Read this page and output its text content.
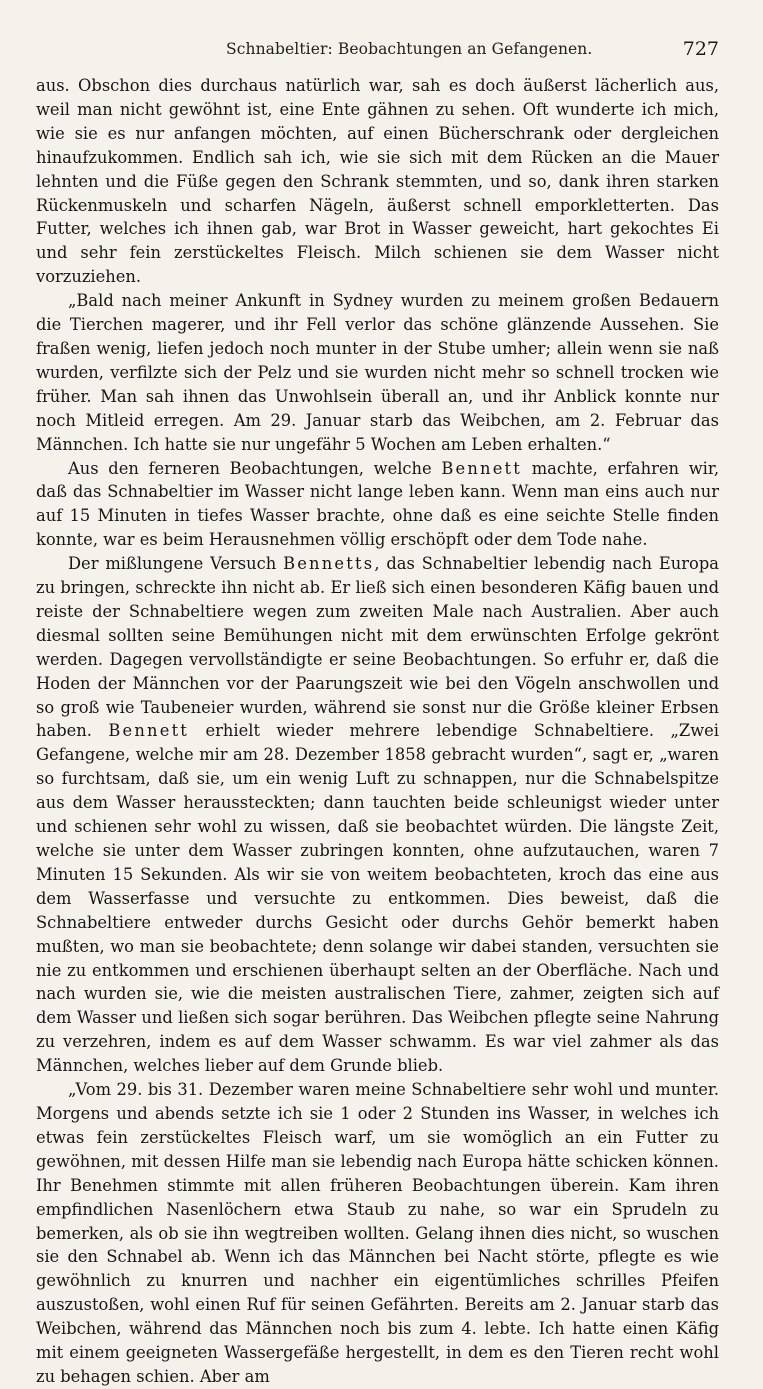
Schnabeltier: Beobachtungen an Gefangenen.	727

aus. Obschon dies durchaus natürlich war, sah es doch äußerst lächerlich aus, weil man nicht gewöhnt ist, eine Ente gähnen zu sehen. Oft wunderte ich mich, wie sie es nur anfangen möchten, auf einen Bücherschrank oder dergleichen hinaufzukommen. Endlich sah ich, wie sie sich mit dem Rücken an die Mauer lehnten und die Füße gegen den Schrank stemmten, und so, dank ihren starken Rückenmuskeln und scharfen Nägeln, äußerst schnell emporkletterten. Das Futter, welches ich ihnen gab, war Brot in Wasser geweicht, hart gekochtes Ei und sehr fein zerstückeltes Fleisch. Milch schienen sie dem Wasser nicht vorzuziehen.

„Bald nach meiner Ankunft in Sydney wurden zu meinem großen Bedauern die Tierchen magerer, und ihr Fell verlor das schöne glänzende Aussehen. Sie fraßen wenig, liefen jedoch noch munter in der Stube umher; allein wenn sie naß wurden, verfilzte sich der Pelz und sie wurden nicht mehr so schnell trocken wie früher. Man sah ihnen das Unwohlsein überall an, und ihr Anblick konnte nur noch Mitleid erregen. Am 29. Januar starb das Weibchen, am 2. Februar das Männchen. Ich hatte sie nur ungefähr 5 Wochen am Leben erhalten.“

Aus den ferneren Beobachtungen, welche Bennett machte, erfahren wir, daß das Schnabeltier im Wasser nicht lange leben kann. Wenn man eins auch nur auf 15 Minuten in tiefes Wasser brachte, ohne daß es eine seichte Stelle finden konnte, war es beim Herausnehmen völlig erschöpft oder dem Tode nahe.

Der mißlungene Versuch Bennetts, das Schnabeltier lebendig nach Europa zu bringen, schreckte ihn nicht ab. Er ließ sich einen besonderen Käfig bauen und reiste der Schnabeltiere wegen zum zweiten Male nach Australien. Aber auch diesmal sollten seine Bemühungen nicht mit dem erwünschten Erfolge gekrönt werden. Dagegen vervollständigte er seine Beobachtungen. So erfuhr er, daß die Hoden der Männchen vor der Paarungszeit wie bei den Vögeln anschwollen und so groß wie Taubeneier wurden, während sie sonst nur die Größe kleiner Erbsen haben. Bennett erhielt wieder mehrere lebendige Schnabeltiere. „Zwei Gefangene, welche mir am 28. Dezember 1858 gebracht wurden“, sagt er, „waren so furchtsam, daß sie, um ein wenig Luft zu schnappen, nur die Schnabelspitze aus dem Wasser heraussteckten; dann tauchten beide schleunigst wieder unter und schienen sehr wohl zu wissen, daß sie beobachtet würden. Die längste Zeit, welche sie unter dem Wasser zubringen konnten, ohne aufzutauchen, waren 7 Minuten 15 Sekunden. Als wir sie von weitem beobachteten, kroch das eine aus dem Wasserfasse und versuchte zu entkommen. Dies beweist, daß die Schnabeltiere entweder durchs Gesicht oder durchs Gehör bemerkt haben mußten, wo man sie beobachtete; denn solange wir dabei standen, versuchten sie nie zu entkommen und erschienen überhaupt selten an der Oberfläche. Nach und nach wurden sie, wie die meisten australischen Tiere, zahmer, zeigten sich auf dem Wasser und ließen sich sogar berühren. Das Weibchen pflegte seine Nahrung zu verzehren, indem es auf dem Wasser schwamm. Es war viel zahmer als das Männchen, welches lieber auf dem Grunde blieb.

„Vom 29. bis 31. Dezember waren meine Schnabeltiere sehr wohl und munter. Morgens und abends setzte ich sie 1 oder 2 Stunden ins Wasser, in welches ich etwas fein zerstückeltes Fleisch warf, um sie womöglich an ein Futter zu gewöhnen, mit dessen Hilfe man sie lebendig nach Europa hätte schicken können. Ihr Benehmen stimmte mit allen früheren Beobachtungen überein. Kam ihren empfindlichen Nasenlöchern etwa Staub zu nahe, so war ein Sprudeln zu bemerken, als ob sie ihn wegtreiben wollten. Gelang ihnen dies nicht, so wuschen sie den Schnabel ab. Wenn ich das Männchen bei Nacht störte, pflegte es wie gewöhnlich zu knurren und nachher ein eigentümliches schrilles Pfeifen auszustoßen, wohl einen Ruf für seinen Gefährten. Bereits am 2. Januar starb das Weibchen, während das Männchen noch bis zum 4. lebte. Ich hatte einen Käfig mit einem geeigneten Wassergefäße hergestellt, in dem es den Tieren recht wohl zu behagen schien. Aber am
